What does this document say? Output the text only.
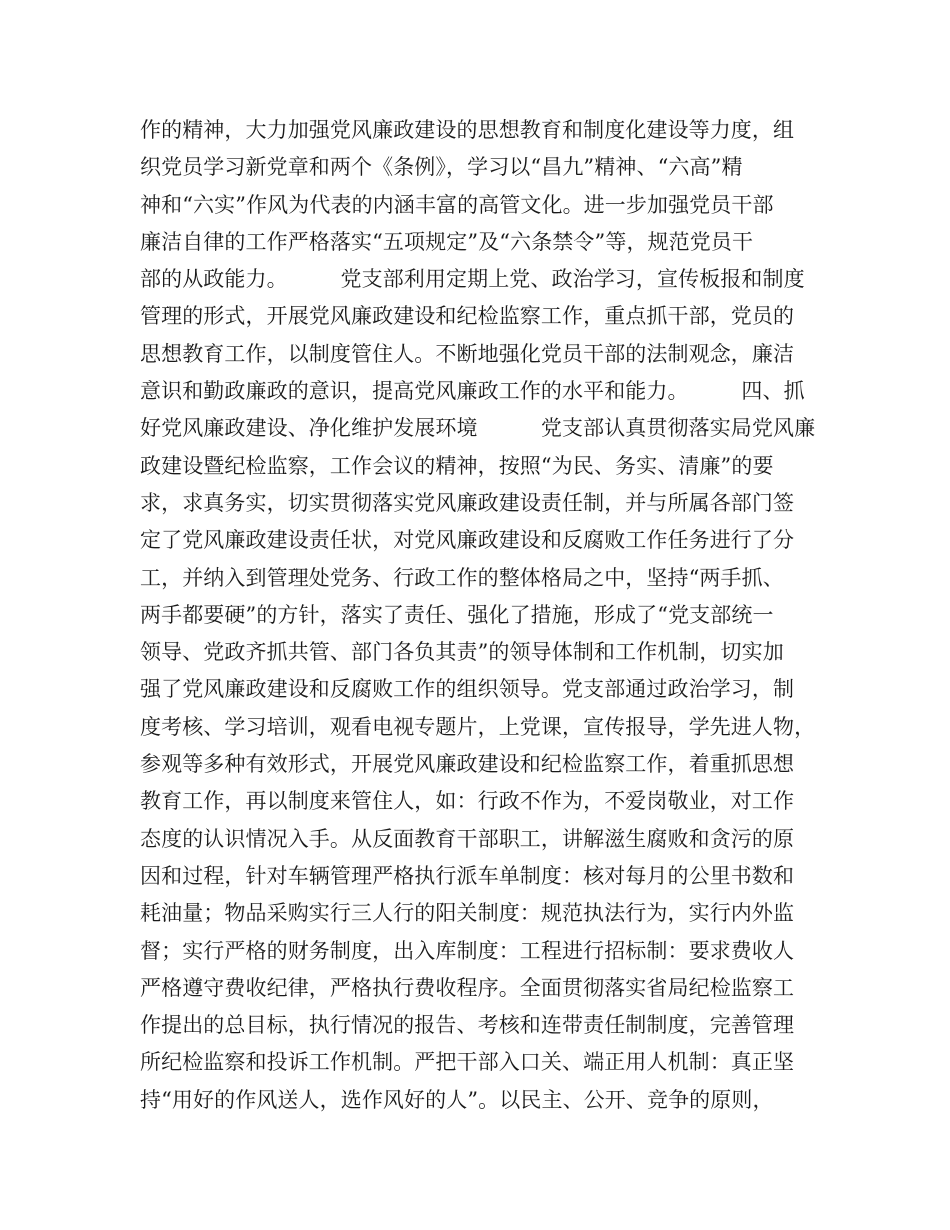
作的精神，大力加强党风廉政建设的思想教育和制度化建设等力度，组
织党员学习新党章和两个《条例》，学习以“昌九”精神、“六高”精
神和“六实”作风为代表的内涵丰富的高管文化。进一步加强党员干部
廉洁自律的工作严格落实“五项规定”及“六条禁令”等，规范党员干
部的从政能力。　　　党支部利用定期上党、政治学习，宣传板报和制度
管理的形式，开展党风廉政建设和纪检监察工作，重点抓干部，党员的
思想教育工作，以制度管住人。不断地强化党员干部的法制观念，廉洁
意识和勤政廉政的意识，提高党风廉政工作的水平和能力。　　　四、抓
好党风廉政建设、净化维护发展环境　　　党支部认真贯彻落实局党风廉
政建设暨纪检监察，工作会议的精神，按照“为民、务实、清廉”的要
求，求真务实，切实贯彻落实党风廉政建设责任制，并与所属各部门签
定了党风廉政建设责任状，对党风廉政建设和反腐败工作任务进行了分
工，并纳入到管理处党务、行政工作的整体格局之中，坚持“两手抓、
两手都要硬”的方针，落实了责任、强化了措施，形成了“党支部统一
领导、党政齐抓共管、部门各负其责”的领导体制和工作机制，切实加
强了党风廉政建设和反腐败工作的组织领导。党支部通过政治学习，制
度考核、学习培训，观看电视专题片，上党课，宣传报导，学先进人物，
参观等多种有效形式，开展党风廉政建设和纪检监察工作，着重抓思想
教育工作，再以制度来管住人，如：行政不作为，不爱岗敬业，对工作
态度的认识情况入手。从反面教育干部职工，讲解滋生腐败和贪污的原
因和过程，针对车辆管理严格执行派车单制度：核对每月的公里书数和
耗油量；物品采购实行三人行的阳关制度：规范执法行为，实行内外监
督；实行严格的财务制度，出入库制度：工程进行招标制：要求费收人
严格遵守费收纪律，严格执行费收程序。全面贯彻落实省局纪检监察工
作提出的总目标，执行情况的报告、考核和连带责任制制度，完善管理
所纪检监察和投诉工作机制。严把干部入口关、端正用人机制：真正坚
持“用好的作风送人，选作风好的人”。以民主、公开、竞争的原则，
